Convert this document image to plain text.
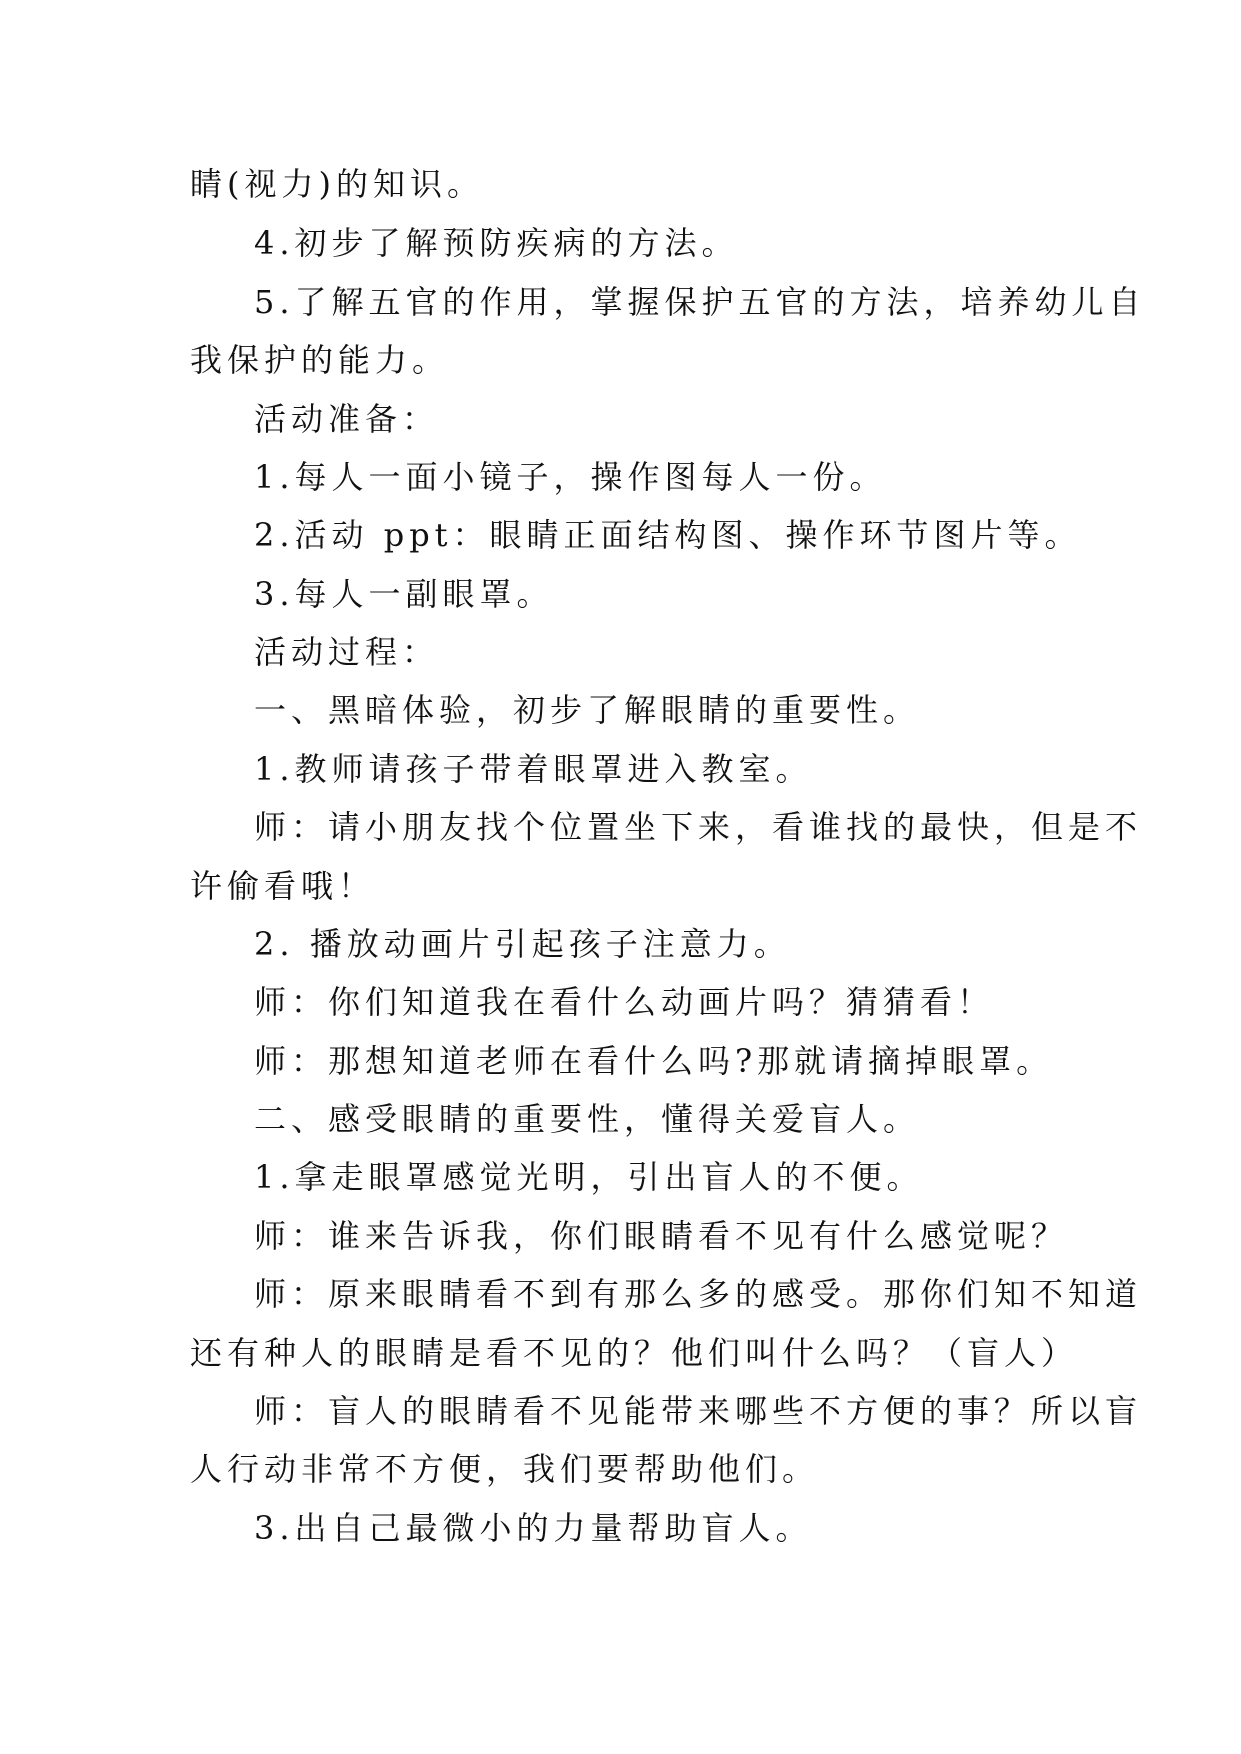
睛(视力)的知识。
4.初步了解预防疾病的方法。
5.了解五官的作用，掌握保护五官的方法，培养幼儿自
我保护的能力。
活动准备：
1.每人一面小镜子，操作图每人一份。
2.活动 ppt：眼睛正面结构图、操作环节图片等。
3.每人一副眼罩。
活动过程：
一、黑暗体验，初步了解眼睛的重要性。
1.教师请孩子带着眼罩进入教室。
师：请小朋友找个位置坐下来，看谁找的最快，但是不
许偷看哦！
2. 播放动画片引起孩子注意力。
师：你们知道我在看什么动画片吗？猜猜看！
师：那想知道老师在看什么吗?那就请摘掉眼罩。
二、感受眼睛的重要性，懂得关爱盲人。
1.拿走眼罩感觉光明，引出盲人的不便。
师：谁来告诉我，你们眼睛看不见有什么感觉呢？
师：原来眼睛看不到有那么多的感受。那你们知不知道
还有种人的眼睛是看不见的？他们叫什么吗？（盲人）
师：盲人的眼睛看不见能带来哪些不方便的事？所以盲
人行动非常不方便，我们要帮助他们。
3.出自己最微小的力量帮助盲人。
